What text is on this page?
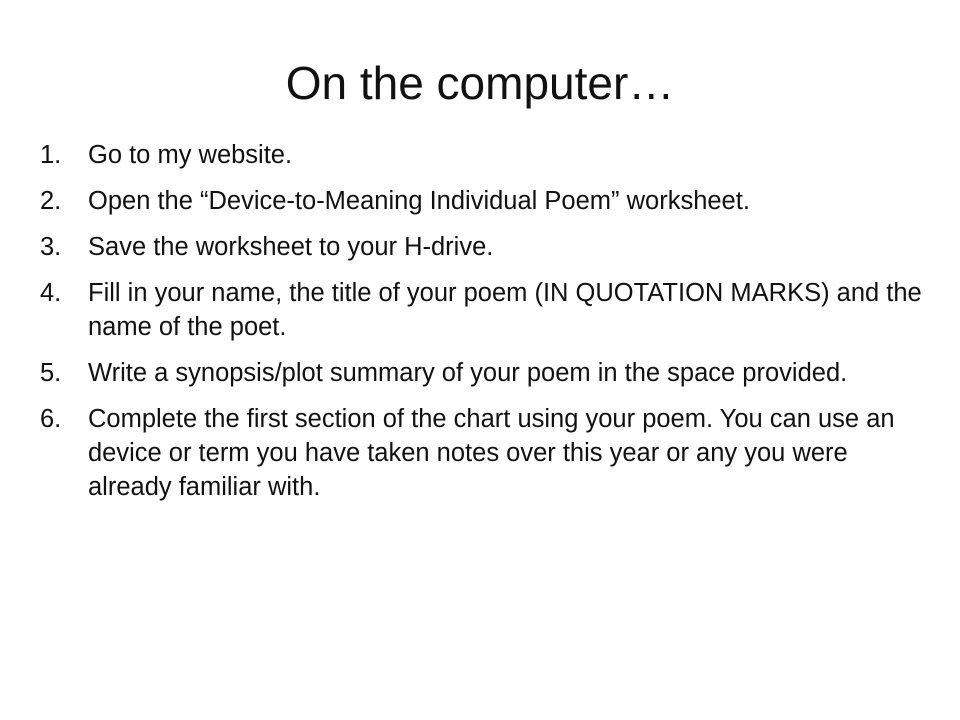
On the computer…
1.	Go to my website.
2.	Open the “Device-to-Meaning Individual Poem” worksheet.
3.	Save the worksheet to your H-drive.
4.	Fill in your name, the title of your poem (IN QUOTATION MARKS) and the name of the poet.
5.	Write a synopsis/plot summary of your poem in the space provided.
6.	Complete the first section of the chart using your poem. You can use an device or term you have taken notes over this year or any you were already familiar with.
